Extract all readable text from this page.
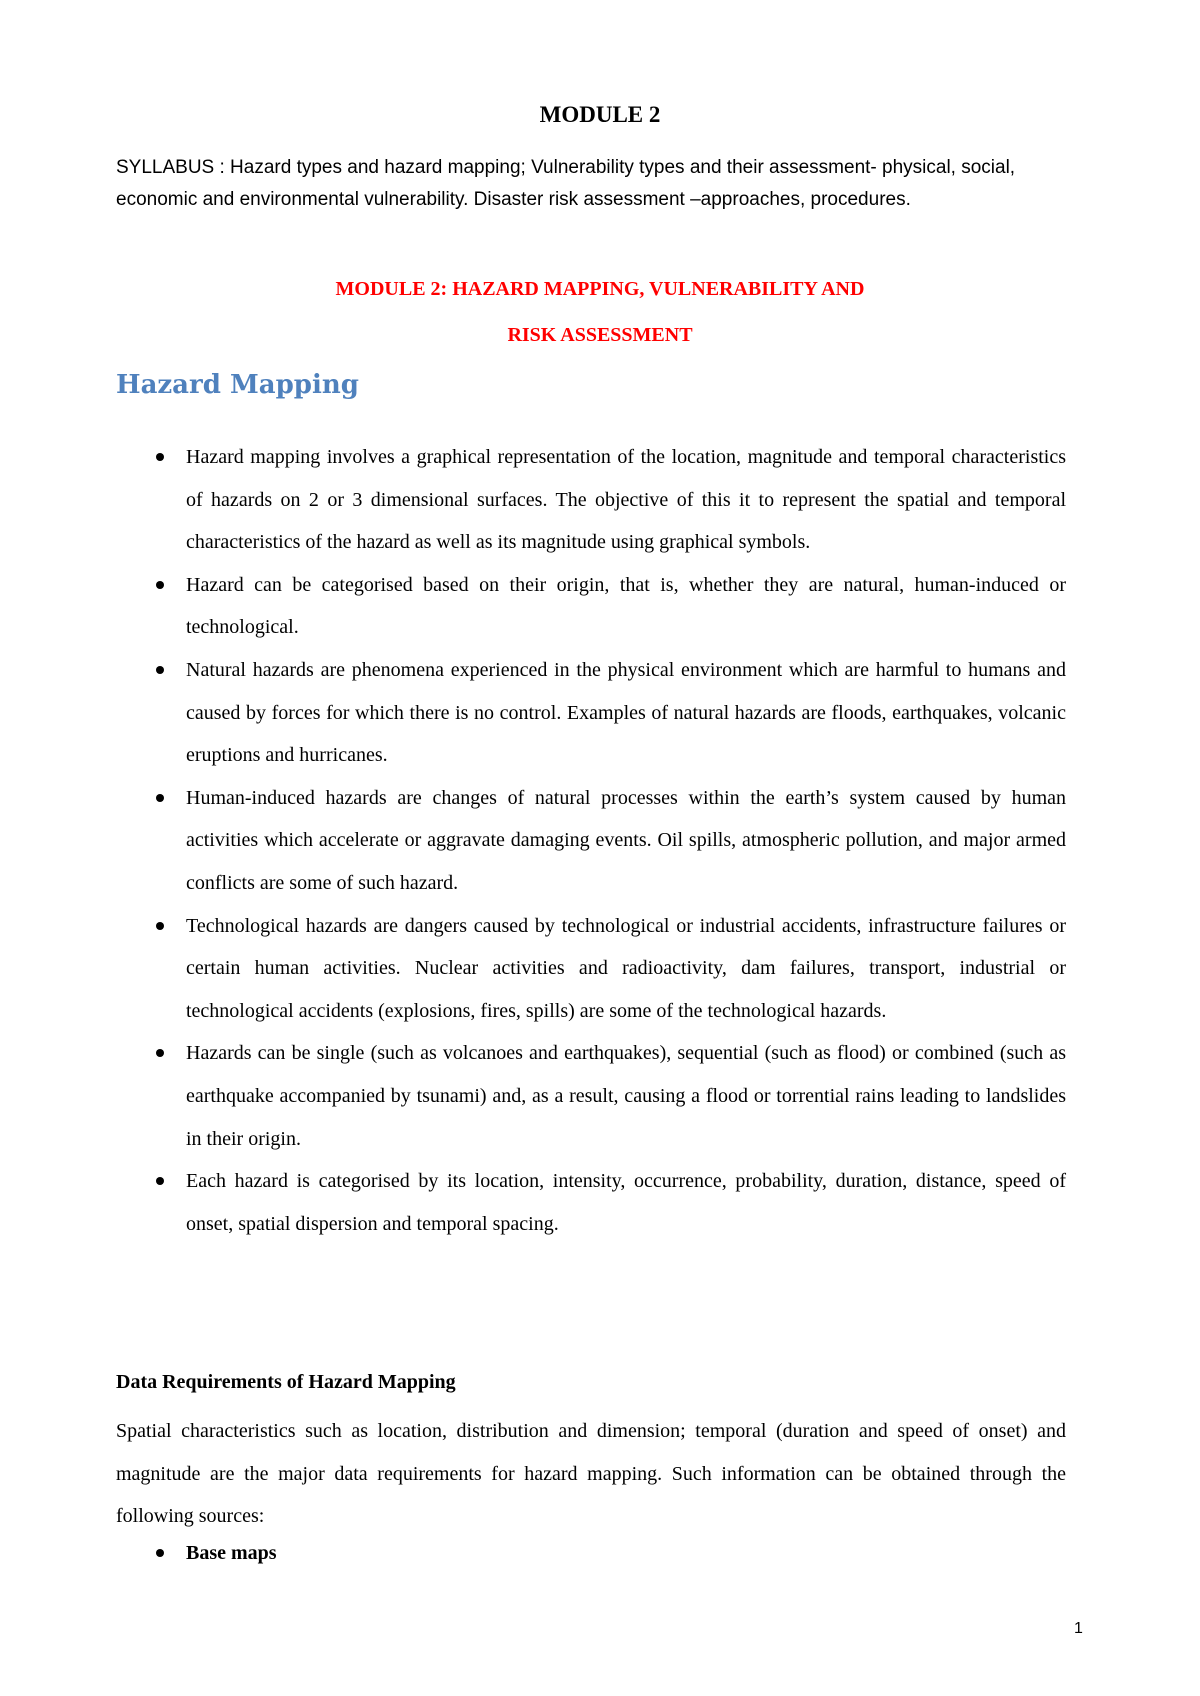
MODULE 2

SYLLABUS : Hazard types and hazard mapping; Vulnerability types and their assessment- physical, social, economic and environmental vulnerability. Disaster risk assessment –approaches, procedures.

MODULE 2: HAZARD MAPPING, VULNERABILITY AND

RISK ASSESSMENT

Hazard Mapping
Hazard mapping involves a graphical representation of the location, magnitude and temporal characteristics of hazards on 2 or 3 dimensional surfaces. The objective of this it to represent the spatial and temporal characteristics of the hazard as well as its magnitude using graphical symbols.
Hazard can be categorised based on their origin, that is, whether they are natural, human-induced or technological.
Natural hazards are phenomena experienced in the physical environment which are harmful to humans and caused by forces for which there is no control. Examples of natural hazards are floods, earthquakes, volcanic eruptions and hurricanes.
Human-induced hazards are changes of natural processes within the earth’s system caused by human activities which accelerate or aggravate damaging events. Oil spills, atmospheric pollution, and major armed conflicts are some of such hazard.
Technological hazards are dangers caused by technological or industrial accidents, infrastructure failures or certain human activities. Nuclear activities and radioactivity, dam failures, transport, industrial or technological accidents (explosions, fires, spills) are some of the technological hazards.
Hazards can be single (such as volcanoes and earthquakes), sequential (such as flood) or combined (such as earthquake accompanied by tsunami) and, as a result, causing a flood or torrential rains leading to landslides in their origin.
Each hazard is categorised by its location, intensity, occurrence, probability, duration, distance, speed of onset, spatial dispersion and temporal spacing.
Data Requirements of Hazard Mapping

Spatial characteristics such as location, distribution and dimension; temporal (duration and speed of onset) and magnitude are the major data requirements for hazard mapping. Such information can be obtained through the following sources:

Base maps

1
